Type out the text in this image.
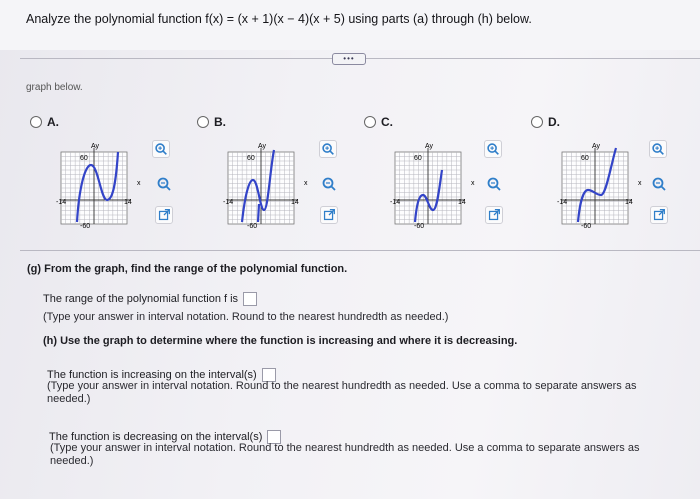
Analyze the polynomial function f(x) = (x + 1)(x − 4)(x + 5) using parts (a) through (h) below.
•••
graph below.
A.	B.	C.	D.
Ay
60
-60
-14	14
x
Ay
60
-60
-14	14
x
Ay
60
-60
-14	14
x
Ay
60
-60
-14	14
x
(g) From the graph, find the range of the polynomial function.
The range of the polynomial function f is
(Type your answer in interval notation. Round to the nearest hundredth as needed.)
(h) Use the graph to determine where the function is increasing and where it is decreasing.
The function is increasing on the interval(s)
(Type your answer in interval notation. Round to the nearest hundredth as needed. Use a comma to separate answers as needed.)
The function is decreasing on the interval(s)
(Type your answer in interval notation. Round to the nearest hundredth as needed. Use a comma to separate answers as needed.)
